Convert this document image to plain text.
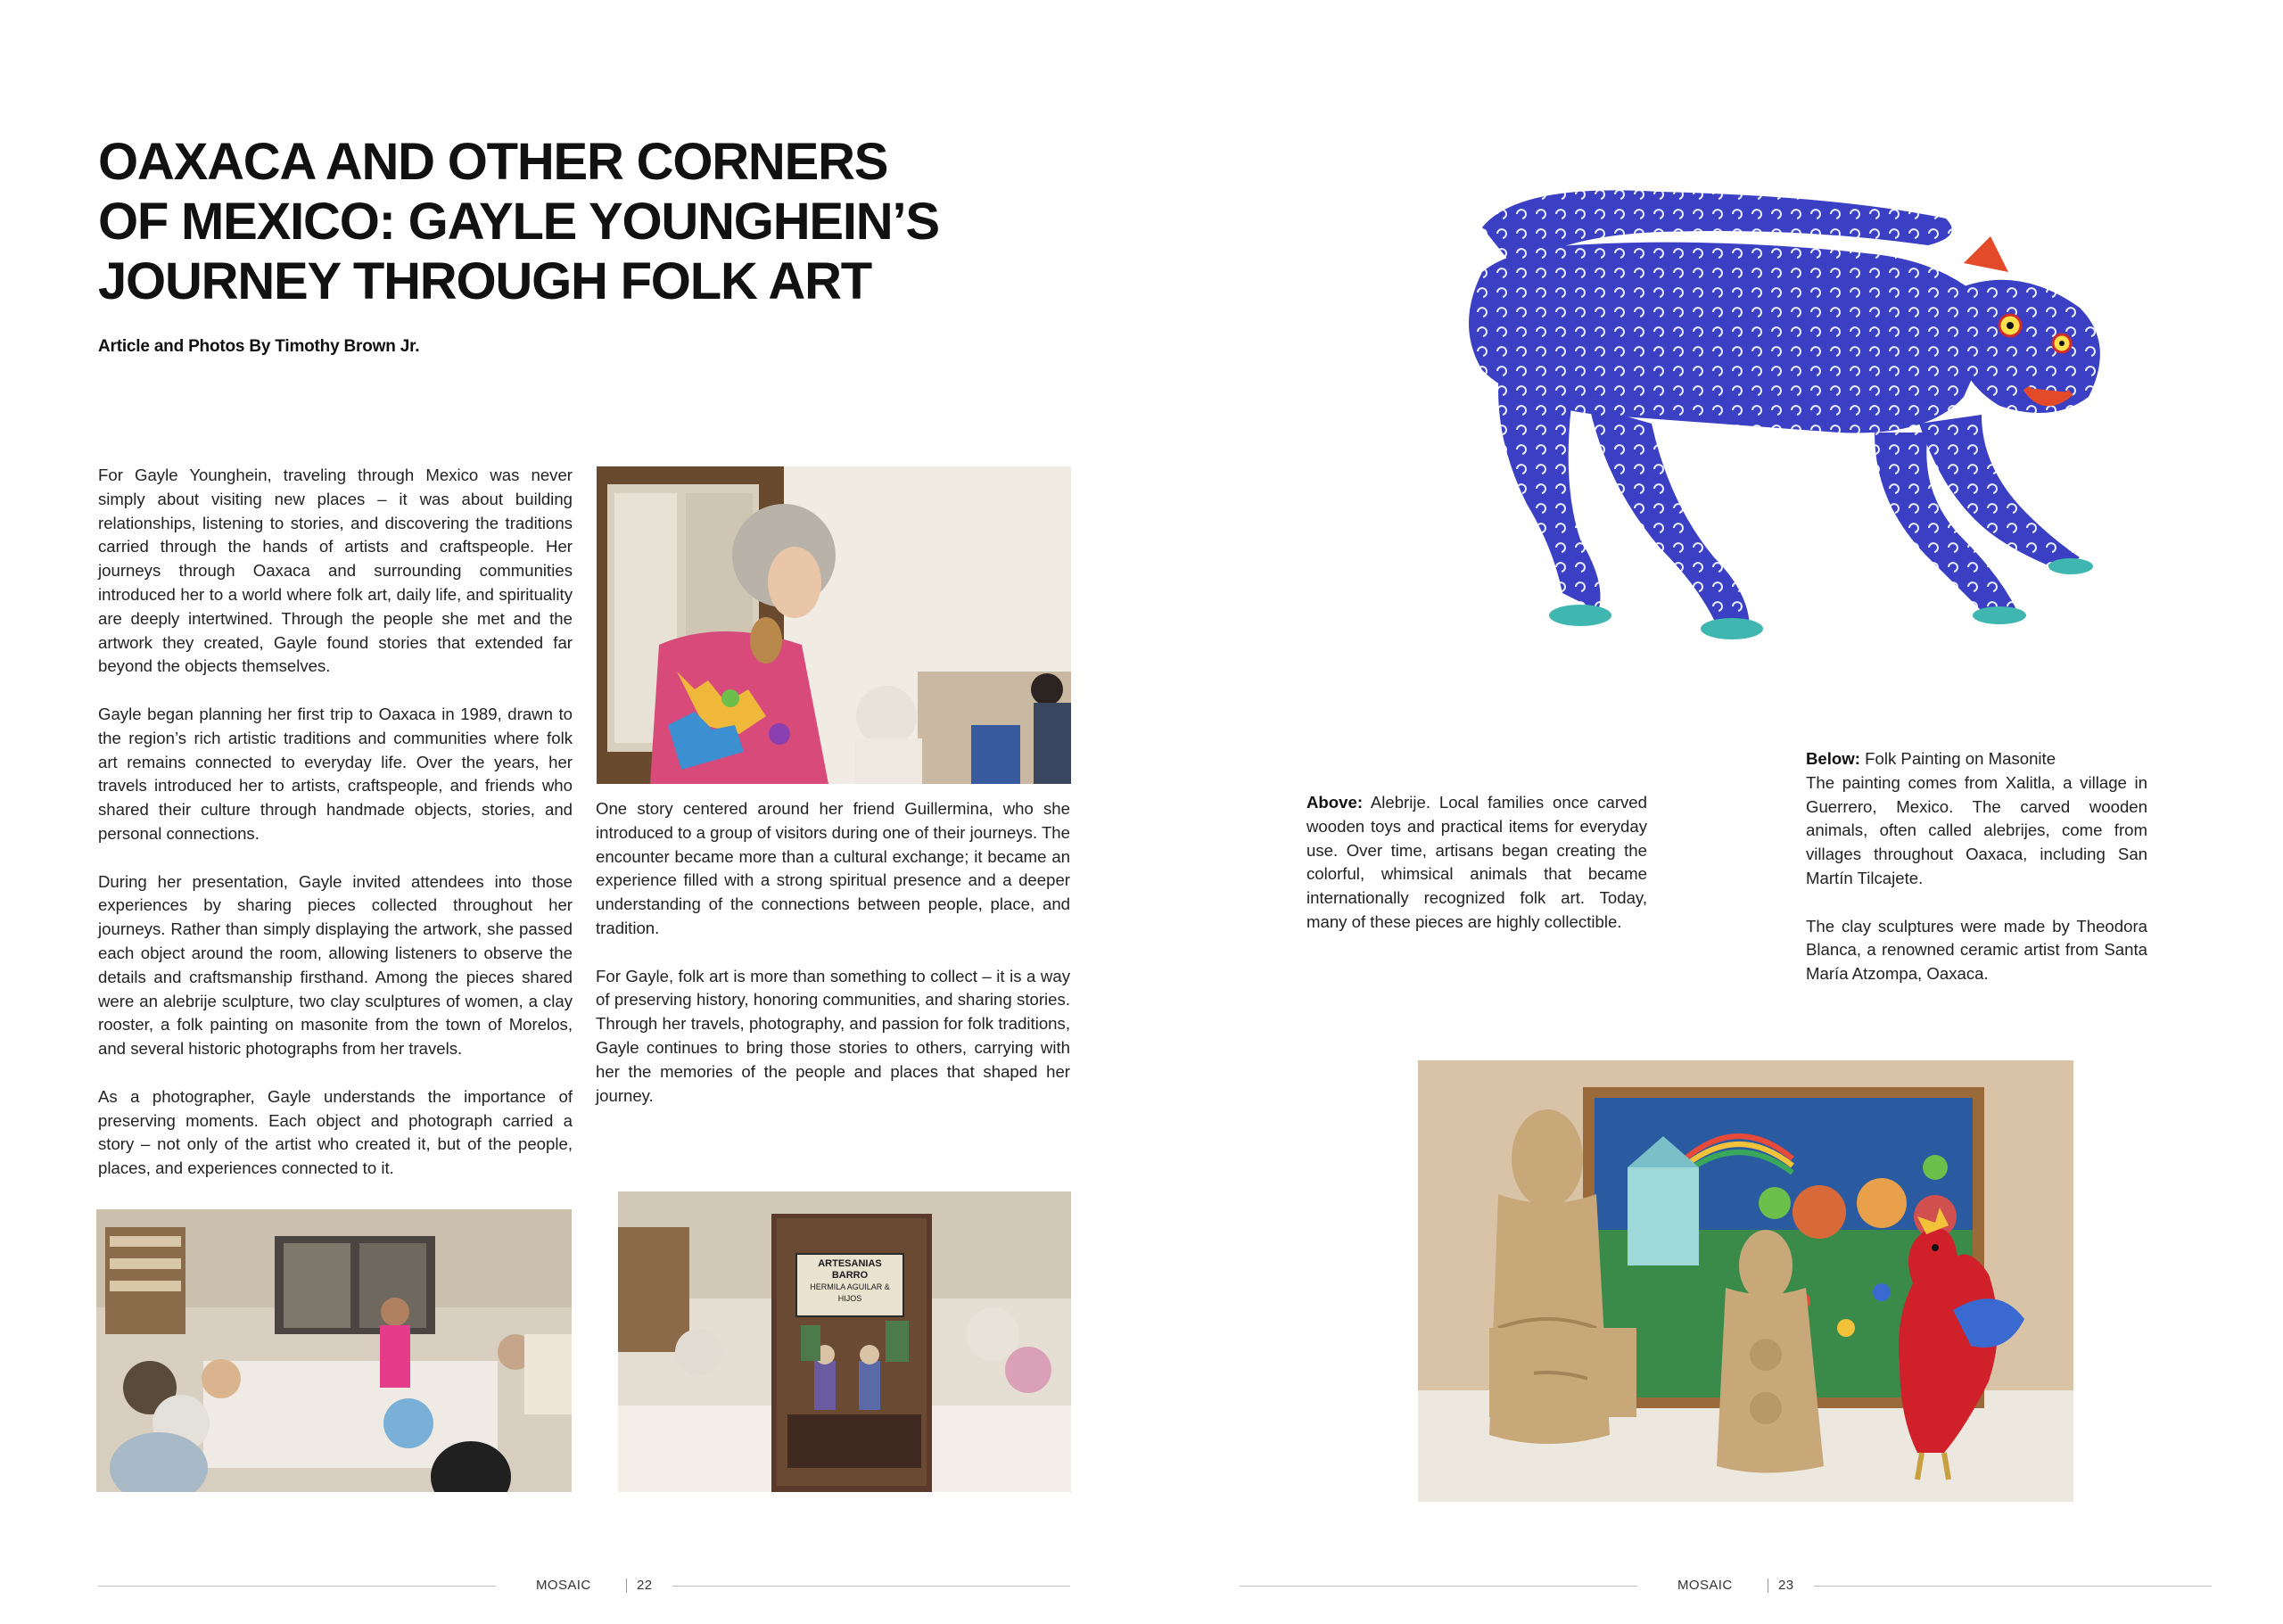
OAXACA AND OTHER CORNERS
OF MEXICO: GAYLE YOUNGHEIN’S
JOURNEY THROUGH FOLK ART
Article and Photos By Timothy Brown Jr.

For Gayle Younghein, traveling through Mexico was never simply about visiting new places – it was about building relationships, listening to stories, and discovering the traditions carried through the hands of artists and craftspeople. Her journeys through Oaxaca and surrounding communities introduced her to a world where folk art, daily life, and spirituality are deeply intertwined. Through the people she met and the artwork they created, Gayle found stories that extended far beyond the objects themselves.

Gayle began planning her first trip to Oaxaca in 1989, drawn to the region’s rich artistic traditions and communities where folk art remains connected to everyday life. Over the years, her travels introduced her to artists, craftspeople, and friends who shared their culture through handmade objects, stories, and personal connections.

During her presentation, Gayle invited attendees into those experiences by sharing pieces collected throughout her journeys. Rather than simply displaying the artwork, she passed each object around the room, allowing listeners to observe the details and craftsmanship firsthand. Among the pieces shared were an alebrije sculpture, two clay sculptures of women, a clay rooster, a folk painting on masonite from the town of Morelos, and several historic photographs from her travels.

As a photographer, Gayle understands the importance of preserving moments. Each object and photograph carried a story – not only of the artist who created it, but of the people, places, and experiences connected to it.

One story centered around her friend Guillermina, who she introduced to a group of visitors during one of their journeys. The encounter became more than a cultural exchange; it became an experience filled with a strong spiritual presence and a deeper understanding of the connections between people, place, and tradition.

For Gayle, folk art is more than something to collect – it is a way of preserving history, honoring communities, and sharing stories. Through her travels, photography, and passion for folk traditions, Gayle continues to bring those stories to others, carrying with her the memories of the people and places that shaped her journey.

ARTESANIAS
BARRO
HERMILA AGUILAR &
HIJOS
MOSAIC	22
Above: Alebrije. Local families once carved wooden toys and practical items for everyday use. Over time, artisans began creating the colorful, whimsical animals that became internationally recognized folk art. Today, many of these pieces are highly collectible.
Below: Folk Painting on Masonite

The painting comes from Xalitla, a village in Guerrero, Mexico. The carved wooden animals, often called alebrijes, come from villages throughout Oaxaca, including San Martín Tilcajete.

The clay sculptures were made by Theodora Blanca, a renowned ceramic artist from Santa María Atzompa, Oaxaca.

MOSAIC	23
